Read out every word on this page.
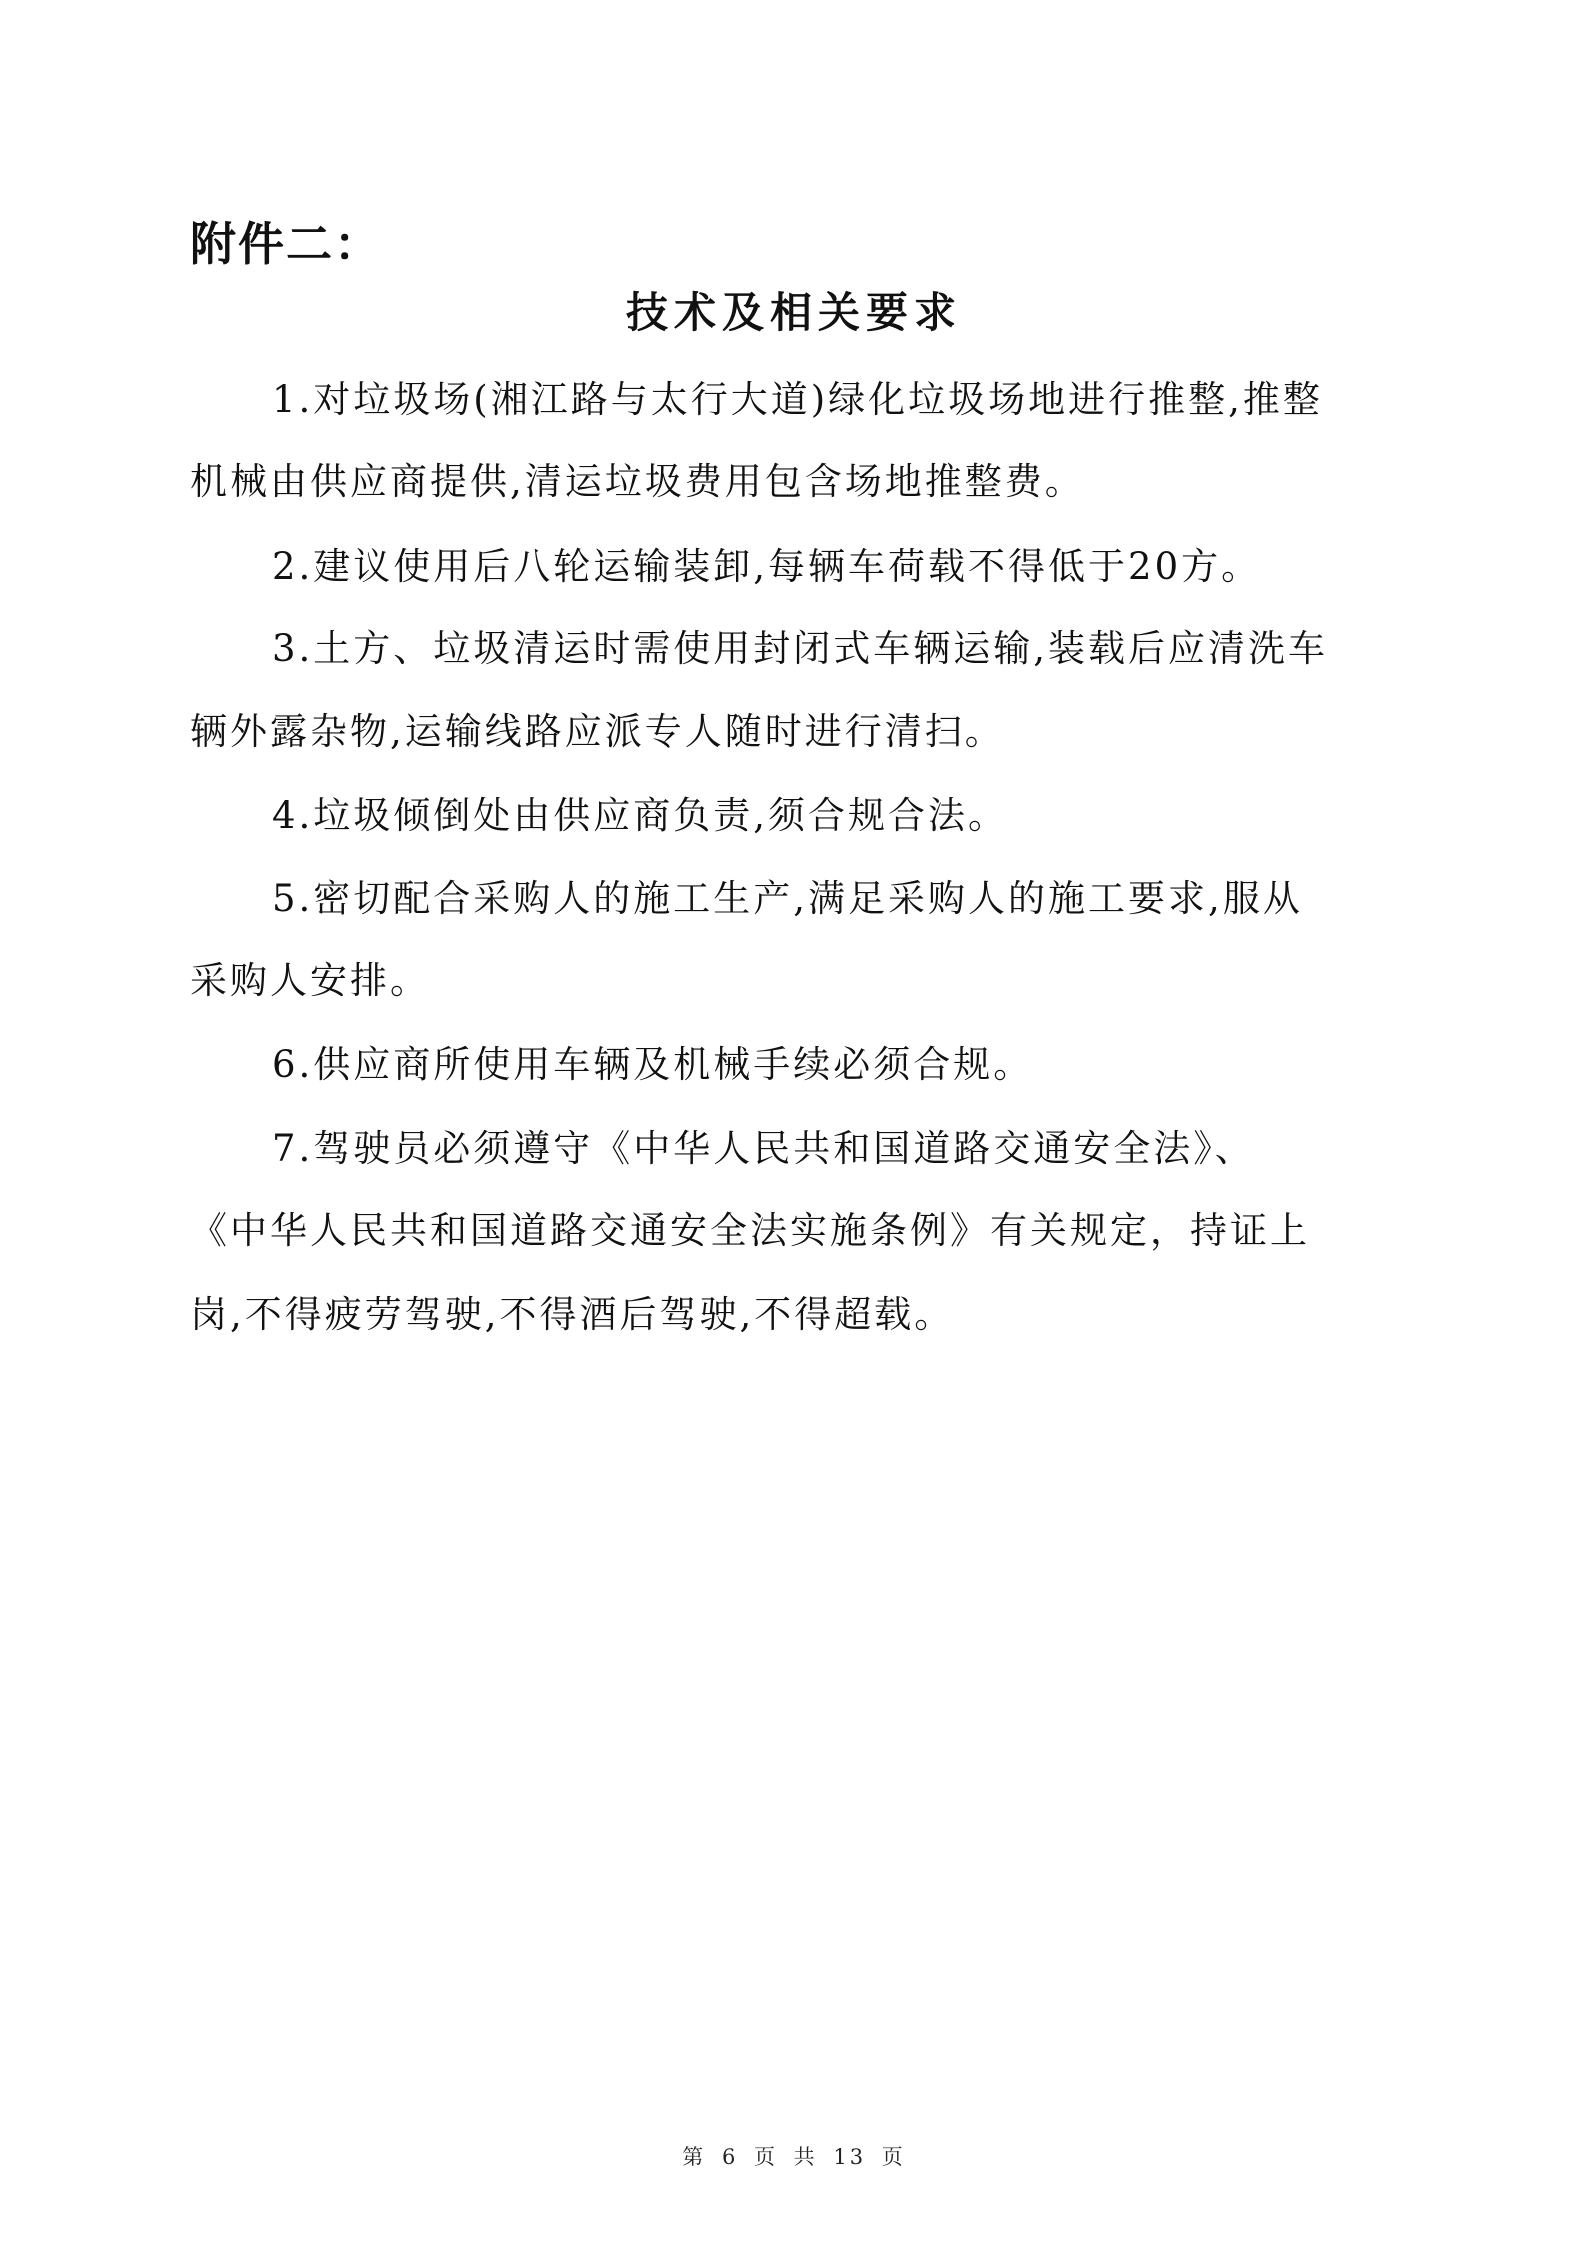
附件二：
技术及相关要求
1.对垃圾场(湘江路与太行大道)绿化垃圾场地进行推整,推整
机械由供应商提供,清运垃圾费用包含场地推整费。
2.建议使用后八轮运输装卸,每辆车荷载不得低于20方。
3.土方、垃圾清运时需使用封闭式车辆运输,装载后应清洗车
辆外露杂物,运输线路应派专人随时进行清扫。
4.垃圾倾倒处由供应商负责,须合规合法。
5.密切配合采购人的施工生产,满足采购人的施工要求,服从
采购人安排。
6.供应商所使用车辆及机械手续必须合规。
7.驾驶员必须遵守《中华人民共和国道路交通安全法》、
《中华人民共和国道路交通安全法实施条例》有关规定，持证上
岗,不得疲劳驾驶,不得酒后驾驶,不得超载。
第 6 页 共 13 页
